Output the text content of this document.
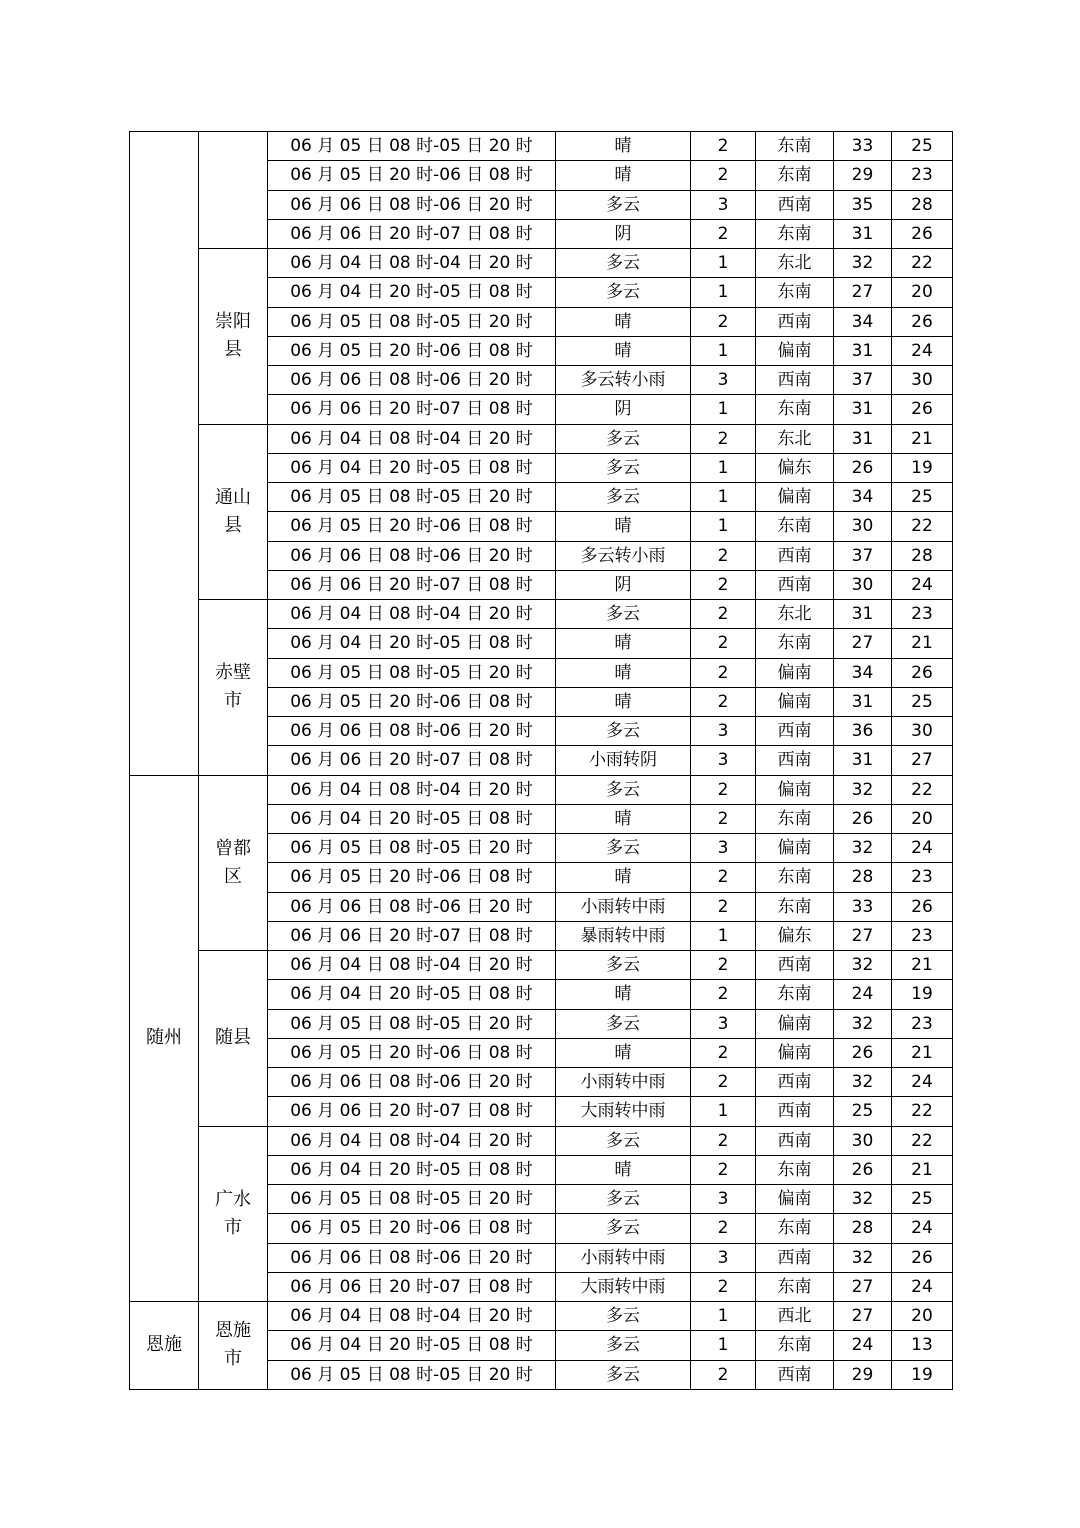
		06 月 05 日 08 时-05 日 20 时	晴	2	东南	33	25
		06 月 05 日 20 时-06 日 08 时	晴	2	东南	29	23
		06 月 06 日 08 时-06 日 20 时	多云	3	西南	35	28
		06 月 06 日 20 时-07 日 08 时	阴	2	东南	31	26
	崇阳县	06 月 04 日 08 时-04 日 20 时	多云	1	东北	32	22
		06 月 04 日 20 时-05 日 08 时	多云	1	东南	27	20
		06 月 05 日 08 时-05 日 20 时	晴	2	西南	34	26
		06 月 05 日 20 时-06 日 08 时	晴	1	偏南	31	24
		06 月 06 日 08 时-06 日 20 时	多云转小雨	3	西南	37	30
		06 月 06 日 20 时-07 日 08 时	阴	1	东南	31	26
	通山县	06 月 04 日 08 时-04 日 20 时	多云	2	东北	31	21
		06 月 04 日 20 时-05 日 08 时	多云	1	偏东	26	19
		06 月 05 日 08 时-05 日 20 时	多云	1	偏南	34	25
		06 月 05 日 20 时-06 日 08 时	晴	1	东南	30	22
		06 月 06 日 08 时-06 日 20 时	多云转小雨	2	西南	37	28
		06 月 06 日 20 时-07 日 08 时	阴	2	西南	30	24
	赤壁市	06 月 04 日 08 时-04 日 20 时	多云	2	东北	31	23
		06 月 04 日 20 时-05 日 08 时	晴	2	东南	27	21
		06 月 05 日 08 时-05 日 20 时	晴	2	偏南	34	26
		06 月 05 日 20 时-06 日 08 时	晴	2	偏南	31	25
		06 月 06 日 08 时-06 日 20 时	多云	3	西南	36	30
		06 月 06 日 20 时-07 日 08 时	小雨转阴	3	西南	31	27
随州	曾都区	06 月 04 日 08 时-04 日 20 时	多云	2	偏南	32	22
		06 月 04 日 20 时-05 日 08 时	晴	2	东南	26	20
		06 月 05 日 08 时-05 日 20 时	多云	3	偏南	32	24
		06 月 05 日 20 时-06 日 08 时	晴	2	东南	28	23
		06 月 06 日 08 时-06 日 20 时	小雨转中雨	2	东南	33	26
		06 月 06 日 20 时-07 日 08 时	暴雨转中雨	1	偏东	27	23
	随县	06 月 04 日 08 时-04 日 20 时	多云	2	西南	32	21
		06 月 04 日 20 时-05 日 08 时	晴	2	东南	24	19
		06 月 05 日 08 时-05 日 20 时	多云	3	偏南	32	23
		06 月 05 日 20 时-06 日 08 时	晴	2	偏南	26	21
		06 月 06 日 08 时-06 日 20 时	小雨转中雨	2	西南	32	24
		06 月 06 日 20 时-07 日 08 时	大雨转中雨	1	西南	25	22
	广水市	06 月 04 日 08 时-04 日 20 时	多云	2	西南	30	22
		06 月 04 日 20 时-05 日 08 时	晴	2	东南	26	21
		06 月 05 日 08 时-05 日 20 时	多云	3	偏南	32	25
		06 月 05 日 20 时-06 日 08 时	多云	2	东南	28	24
		06 月 06 日 08 时-06 日 20 时	小雨转中雨	3	西南	32	26
		06 月 06 日 20 时-07 日 08 时	大雨转中雨	2	东南	27	24
恩施	恩施市	06 月 04 日 08 时-04 日 20 时	多云	1	西北	27	20
		06 月 04 日 20 时-05 日 08 时	多云	1	东南	24	13
		06 月 05 日 08 时-05 日 20 时	多云	2	西南	29	19
